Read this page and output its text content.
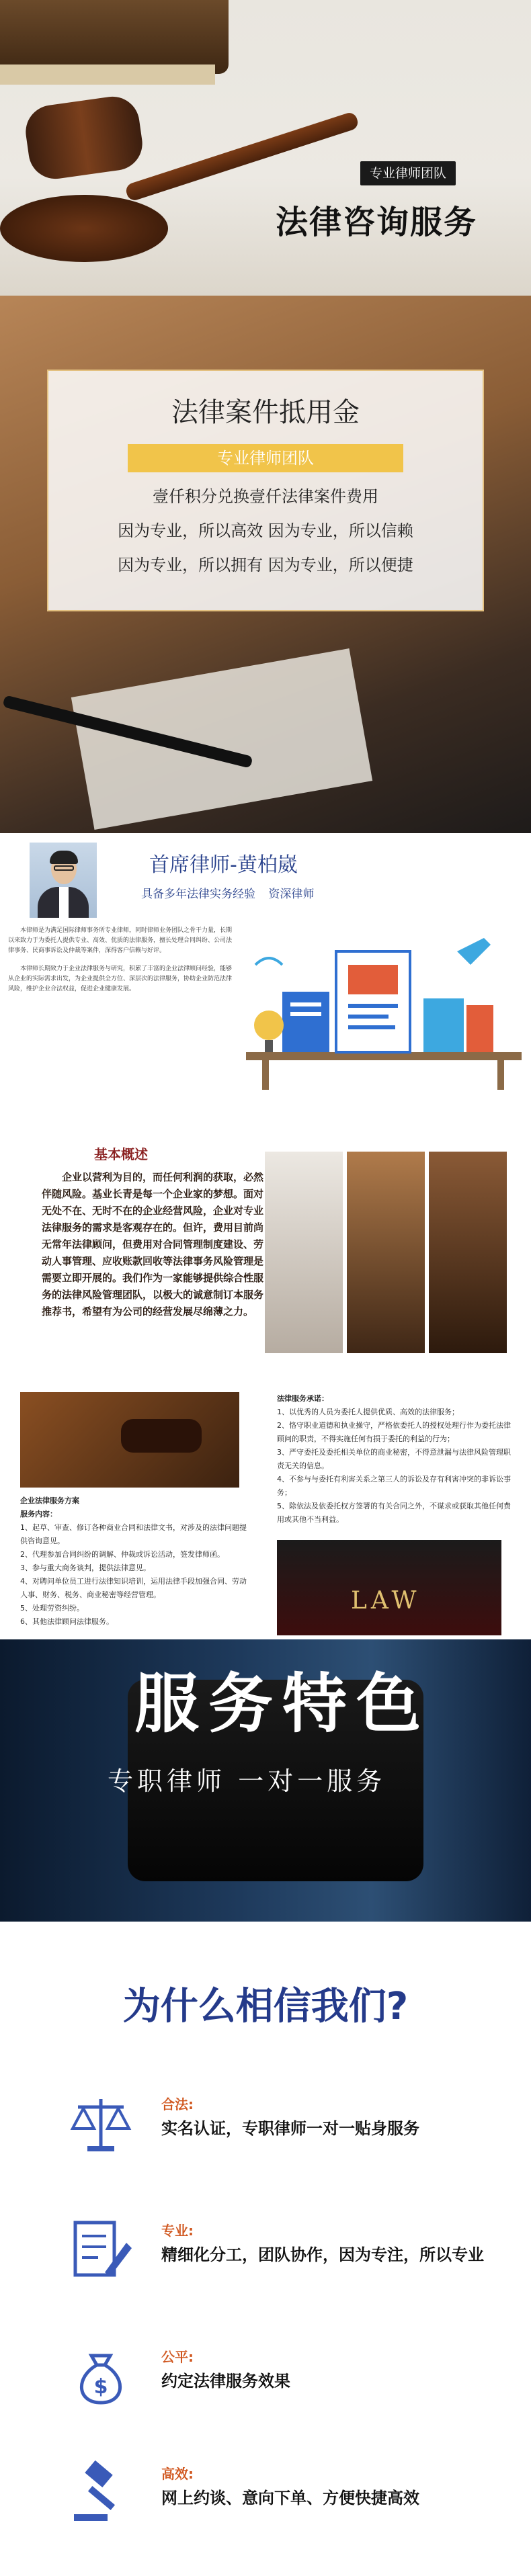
专业律师团队
法律咨询服务
法律案件抵用金
专业律师团队
壹仟积分兑换壹仟法律案件费用
因为专业，所以高效 因为专业，所以信赖
因为专业，所以拥有 因为专业，所以便捷
首席律师-黄柏崴
具备多年法律实务经验 资深律师

本律师是为满足国际律师事务所专业律师，同时律师业务团队之骨干力量，长期以来致力于为委托人提供专业、高效、优质的法律服务，擅长处理合同纠纷、公司法律事务、民商事诉讼及仲裁等案件，深得客户信赖与好评。

本律师长期致力于企业法律服务与研究，积累了丰富的企业法律顾问经验，能够从企业的实际需求出发，为企业提供全方位、深层次的法律服务，协助企业防范法律风险，维护企业合法权益，促进企业健康发展。

基本概述
企业以营利为目的，而任何利润的获取，必然伴随风险。基业长青是每一个企业家的梦想。面对无处不在、无时不在的企业经营风险，企业对专业法律服务的需求是客观存在的。但许，费用目前尚无常年法律顾问，但费用对合同管理制度建设、劳动人事管理、应收账款回收等法律事务风险管理是需要立即开展的。我们作为一家能够提供综合性服务的法律风险管理团队，以极大的诚意制订本服务推荐书，希望有为公司的经营发展尽绵薄之力。
企业法律服务方案
服务内容：
1、起草、审查、修订各种商业合同和法律文书，对涉及的法律问题提供咨询意见。
2、代理参加合同纠纷的调解、仲裁或诉讼活动，签发律师函。
3、参与重大商务谈判，提供法律意见。
4、对聘问单位员工进行法律知识培训，运用法律手段加强合同、劳动人事、财务、税务、商业秘密等经营管理。
5、处理劳资纠纷。
6、其他法律顾问法律服务。
法律服务承诺：
1、以优秀的人员为委托人提供优质、高效的法律服务；
2、恪守职业道德和执业操守，严格依委托人的授权处理行作为委托法律顾问的职责，不得实施任何有损于委托的利益的行为；
3、严守委托及委托相关单位的商业秘密，不得意泄漏与法律风险管理职责无关的信息。
4、不参与与委托有利害关系之第三人的诉讼及存有利害冲突的非诉讼事务；
5、除依法及依委托权方签署的有关合同之外，不谋求或获取其他任何费用或其他不当利益。
LAW
服务特色
专职律师 一对一服务
为什么相信我们?
合法:
实名认证，专职律师一对一贴身服务
专业:
精细化分工，团队协作，因为专注，所以专业
$
公平:
约定法律服务效果
高效:
网上约谈、意向下单、方便快捷高效
